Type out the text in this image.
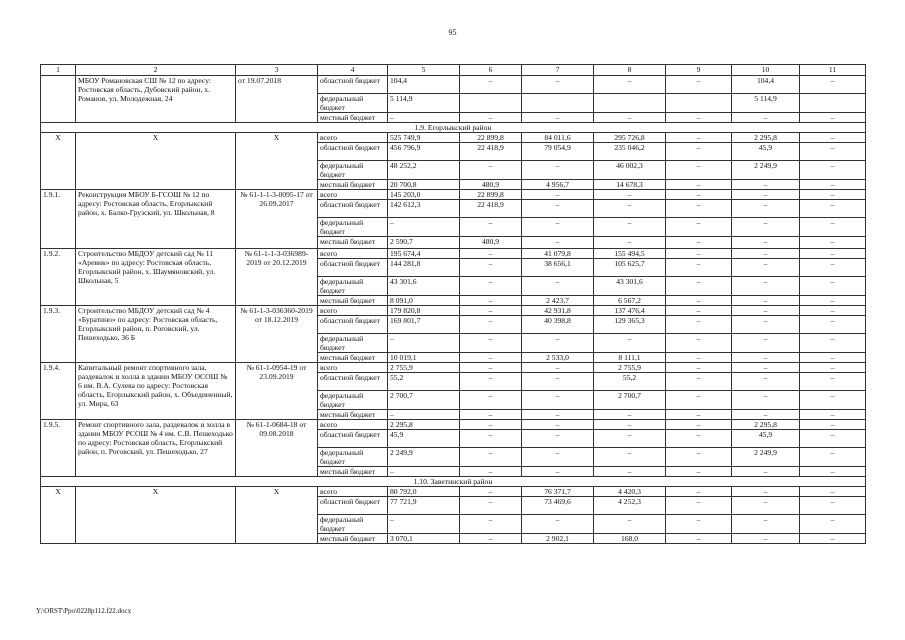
95
1	2	3	4	5	6	7	8	9	10	11
	МБОУ Романовская СШ № 12 по адресу: Ростовская область, Дубовский район, х. Романов, ул. Молодежная, 24	от 19.07.2018	областной бюджет	104,4	–	–	–	–	104,4	–
			федеральный бюджет	5 114,9					5 114,9	
			местный бюджет	–	–	–	–	–	–	–
1.9. Егорлыкский район										
Х	Х	Х	всего	525 749,9	22 899,8	84 011,6	295 726,8	–	2 295,8	–
			областной бюджет	456 796,9	22 418,9	79 054,9	235 046,2	–	45,9	–
			федеральный бюджет	48 252,2	–	–	46 002,3	–	2 249,9	–
			местный бюджет	20 700,8	480,9	4 956,7	14 678,3	–	–	–
1.9.1.	Реконструкция МБОУ Б-ГСОШ № 12 по адресу: Ростовская область, Егорлыкский район, х. Балко-Грузский, ул. Школьная, 8	№ 61-1-1-3-0095-17 от 26.09.2017	всего	145 203,0	22 899,8	–	–	–	–	–
			областной бюджет	142 612,3	22 418,9	–	–	–	–	–
			федеральный бюджет	–	–	–	–	–	–	–
			местный бюджет	2 590,7	480,9	–	–	–	–	–
1.9.2.	Строительство МБДОУ детский сад № 11 «Аревик» по адресу: Ростовская область, Егорлыкский район, х. Шаумяновский, ул. Школьная, 5	№ 61-1-1-3-036989-2019 от 20.12.2019	всего	195 674,4	–	41 079,8	155 494,5	–	–	–
			областной бюджет	144 281,8	–	38 656,1	105 625,7	–	–	–
			федеральный бюджет	43 301,6	–	–	43 301,6	–	–	–
			местный бюджет	8 091,0	–	2 423,7	6 567,2	–	–	–
1.9.3.	Строительство МБДОУ детский сад № 4 «Буратино» по адресу: Ростовская область, Егорлыкский район, п. Роговский, ул. Пешеходько, 36 Б	№ 61-1-3-036360-2019 от 18.12.2019	всего	179 820,8	–	42 931,8	137 476,4	–	–	–
			областной бюджет	169 801,7	–	40 398,8	129 365,3	–	–	–
			федеральный бюджет	–	–	–	–	–	–	–
			местный бюджет	10 019,1	–	2 533,0	8 111,1	–	–	–
1.9.4.	Капитальный ремонт спортивного зала, раздевалок и холла в здании МБОУ ОСОШ № 6 им. В.А. Сулева по адресу: Ростовская область, Егорлыкский район, х. Объединенный, ул. Мира, 63	№ 61-1-0954-19 от 23.09.2019	всего	2 755,9	–	–	2 755,9	–	–	–
			областной бюджет	55,2	–	–	55,2	–	–	–
			федеральный бюджет	2 700,7	–	–	2 700,7	–	–	–
			местный бюджет	–	–	–	–	–	–	–
1.9.5.	Ремонт спортивного зала, раздевалок и холла в здании МБОУ РСОШ № 4 им. С.В. Пешеходько по адресу: Ростовская область, Егорлыкский район, п. Роговский, ул. Пешеходько, 27	№ 61-1-0684-18 от 09.08.2018	всего	2 295,8	–	–	–	–	2 295,8	–
			областной бюджет	45,9	–	–	–	–	45,9	–
			федеральный бюджет	2 249,9	–	–	–	–	2 249,9	–
			местный бюджет	–	–	–	–	–	–	–
1.10. Заветинский район										
Х	Х	Х	всего	80 792,0	–	76 371,7	4 420,3	–	–	–
			областной бюджет	77 721,9	–	73 469,6	4 252,3	–	–	–
			федеральный бюджет	–	–	–	–	–	–	–
			местный бюджет	3 070,1	–	2 902,1	168,0	–	–	–
Y:\ORST\Ppo\0228p112.f22.docx
